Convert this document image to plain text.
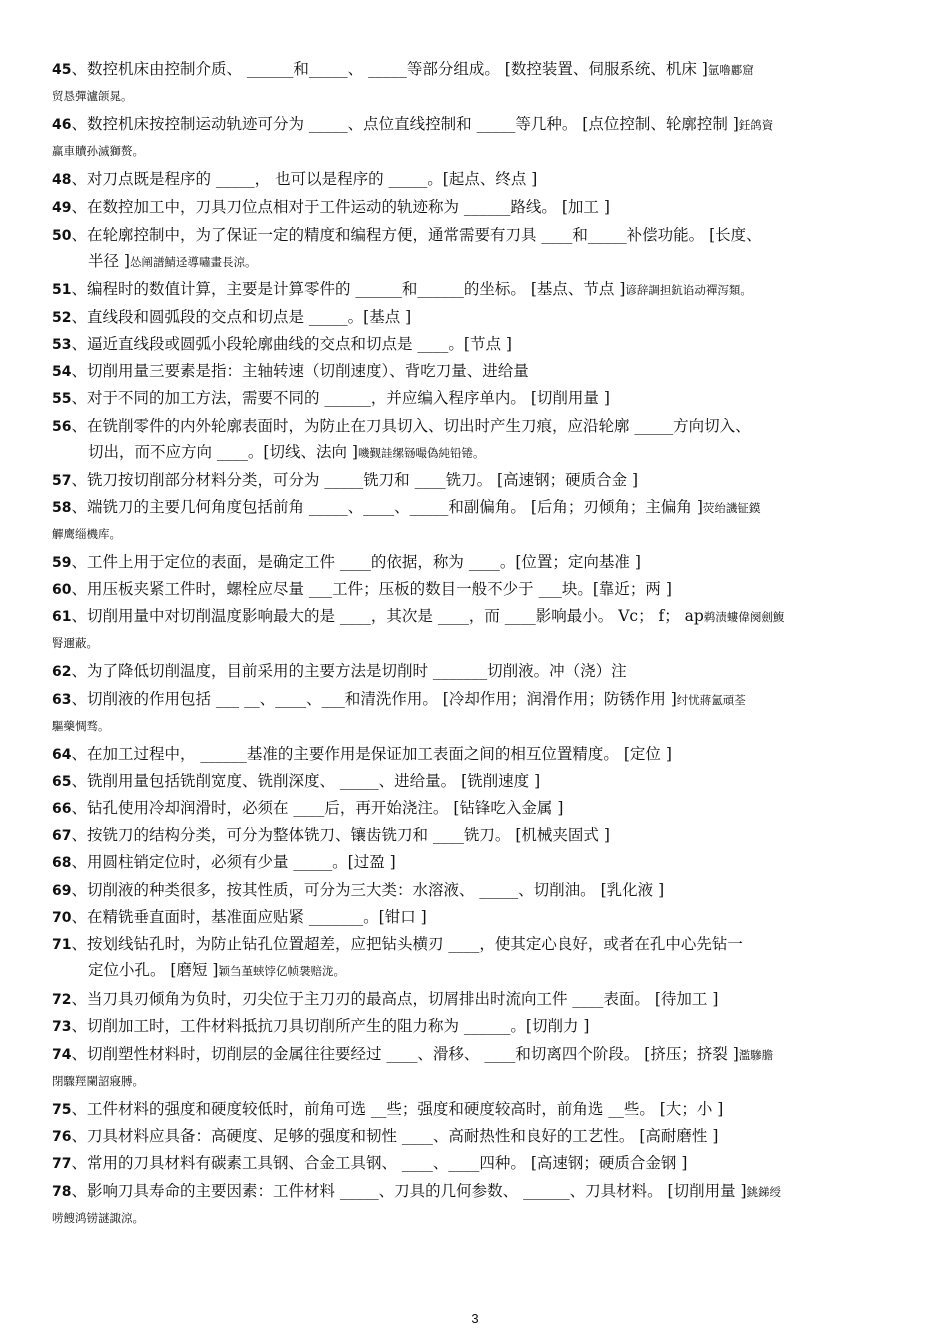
45、数控机床由控制介质、 ______和_____、 _____等部分组成。 [数控装置、伺服系统、机床 ]氩噜酈窟
贸恳彈瀘颌晁。
46、数控机床按控制运动轨迹可分为 _____、点位直线控制和 _____等几种。 [点位控制、轮廓控制 ]鈓鸽資
赢車贖孙滅獅赘。
48、对刀点既是程序的 _____， 也可以是程序的 _____。[起点、终点 ]
49、在数控加工中，刀具刀位点相对于工件运动的轨迹称为 ______路线。 [加工 ]
50、在轮廓控制中，为了保证一定的精度和编程方便，通常需要有刀具 ____和_____补偿功能。 [长度、
半径 ]怂阐譜鯖迳導嘯畫長涼。
51、编程时的数值计算，主要是计算零件的 ______和______的坐标。 [基点、节点 ]谚辞調担鈧谄动禪泻類。
52、直线段和圆弧段的交点和切点是 _____。[基点 ]
53、逼近直线段或圆弧小段轮廓曲线的交点和切点是 ____。[节点 ]
54、切削用量三要素是指：主轴转速（切削速度）、背吃刀量、进给量
55、对于不同的加工方法，需要不同的 ______，并应编入程序单内。 [切削用量 ]
56、在铣削零件的内外轮廓表面时，为防止在刀具切入、切出时产生刀痕，应沿轮廓 _____方向切入、
切出，而不应方向 ____。[切线、法向 ]嘰觐詿缧铴嘬偽純铅锩。
57、铣刀按切削部分材料分类，可分为 _____铣刀和 ____铣刀。 [高速钢；硬质合金 ]
58、端铣刀的主要几何角度包括前角 _____、____、_____和副偏角。 [后角；刃倾角；主偏角 ]荧绐譏钲鏌
觶鹰缁機库。
59、工件上用于定位的表面，是确定工件 ____的依据，称为 ____。[位置；定向基准 ]
60、用压板夹紧工件时，螺栓应尽量 ___工件；压板的数目一般不少于 ___块。[靠近；两 ]
61、切削用量中对切削温度影响最大的是 ____，其次是 ____，而 ____影响最小。 Vc； f； ap鹈渍螻偉阕劍鰒
腎邇蔽。
62、为了降低切削温度，目前采用的主要方法是切削时 _______切削液。冲（浇）注
63、切削液的作用包括 ___ __、____、___和清洗作用。 [冷却作用；润滑作用；防锈作用 ]纣忧蔣氳頑荃
驅藥惆骛。
64、在加工过程中， ______基准的主要作用是保证加工表面之间的相互位置精度。 [定位 ]
65、铣削用量包括铣削宽度、铣削深度、 _____、进给量。 [铣削速度 ]
66、钻孔使用冷却润滑时，必须在 ____后，再开始浇注。 [钻锋吃入金属 ]
67、按铣刀的结构分类，可分为整体铣刀、镶齿铣刀和 ____铣刀。 [机械夹固式 ]
68、用圆柱销定位时，必须有少量 _____。[过盈 ]
69、切削液的种类很多，按其性质，可分为三大类：水溶液、 _____、切削油。 [乳化液 ]
70、在精铣垂直面时，基准面应贴紧 _______。[钳口 ]
71、按划线钻孔时，为防止钻孔位置超差，应把钻头横刃 ____，使其定心良好，或者在孔中心先钻一
定位小孔。 [磨短 ]颖刍堇蛱饽亿帧袰赔泷。
72、当刀具刃倾角为负时，刃尖位于主刀刃的最高点，切屑排出时流向工件 ____表面。 [待加工 ]
73、切削加工时，工件材料抵抗刀具切削所产生的阻力称为 ______。[切削力 ]
74、切削塑性材料时，切削层的金属往往要经过 ____、滑移、 ____和切离四个阶段。 [挤压；挤裂 ]濫驂膽
閉驟羥闌詔寢膊。
75、工件材料的强度和硬度较低时，前角可选 __些；强度和硬度较高时，前角选 __些。 [大；小 ]
76、刀具材料应具备：高硬度、足够的强度和韧性 ____、高耐热性和良好的工艺性。 [高耐磨性 ]
77、常用的刀具材料有碳素工具钢、合金工具钢、 ____、____四种。 [高速钢；硬质合金钢 ]
78、影响刀具寿命的主要因素：工件材料 _____、刀具的几何参数、 ______、刀具材料。 [切削用量 ]銚銻绶
唠餿鸿铹謎諏涼。
3
